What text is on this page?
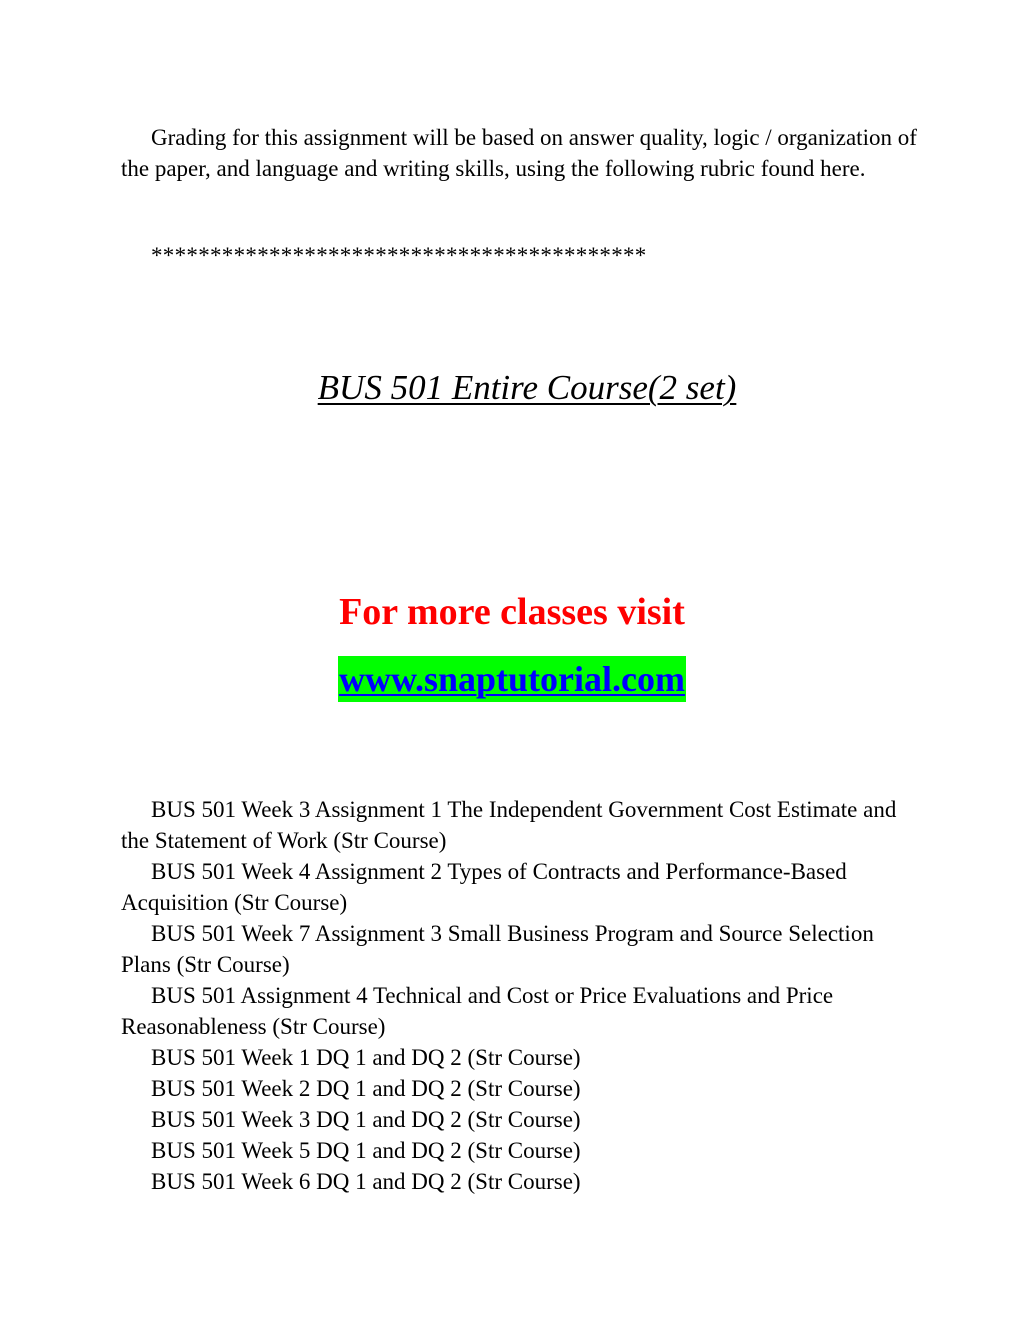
Grading for this assignment will be based on answer quality, logic / organization of the paper, and language and writing skills, using the following rubric found here.

******************************************
BUS 501 Entire Course(2 set)
For more classes visit
www.snaptutorial.com
BUS 501 Week 3 Assignment 1 The Independent Government Cost Estimate and the Statement of Work (Str Course)
BUS 501 Week 4 Assignment 2 Types of Contracts and Performance-Based Acquisition (Str Course)
BUS 501 Week 7 Assignment 3 Small Business Program and Source Selection Plans (Str Course)
BUS 501 Assignment 4 Technical and Cost or Price Evaluations and Price Reasonableness (Str Course)
BUS 501 Week 1 DQ 1 and DQ 2 (Str Course)
BUS 501 Week 2 DQ 1 and DQ 2 (Str Course)
BUS 501 Week 3 DQ 1 and DQ 2 (Str Course)
BUS 501 Week 5 DQ 1 and DQ 2 (Str Course)
BUS 501 Week 6 DQ 1 and DQ 2 (Str Course)
